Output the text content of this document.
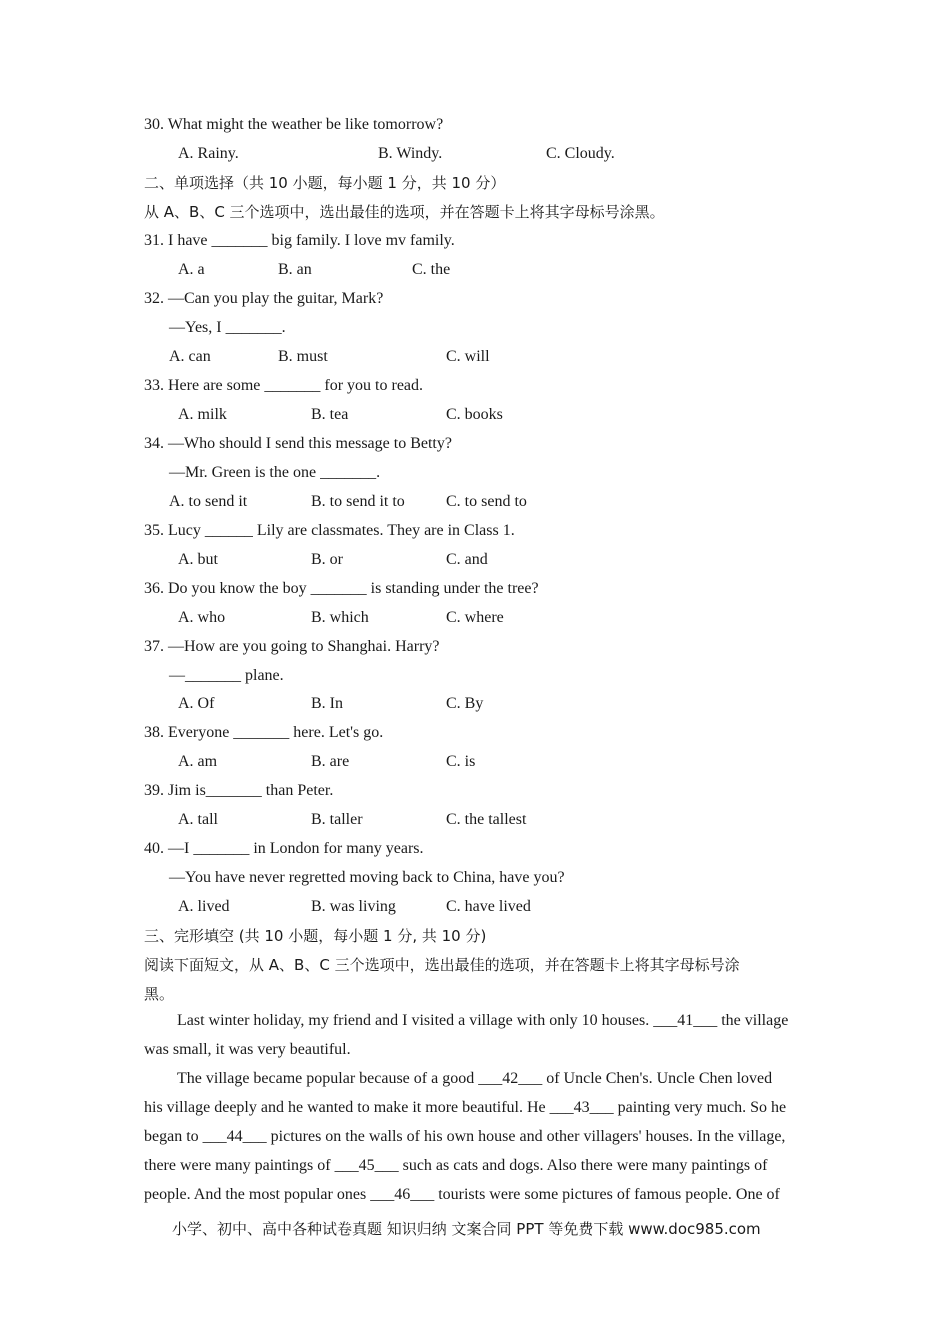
30. What might the weather be like tomorrow?
A. Rainy.	B. Windy.	C. Cloudy.
二、单项选择（共 10 小题，每小题 1 分，共 10 分）
从 A、B、C 三个选项中，选出最佳的选项，并在答题卡上将其字母标号涂黑。
31. I have _______ big family. I love mv family.
A. a	B. an	C. the
32. ―Can you play the guitar, Mark?
—Yes, I _______.
A. can	B. must	C. will
33. Here are some _______ for you to read.
A. milk	B. tea	C. books
34. —Who should I send this message to Betty?
—Mr. Green is the one _______.
A. to send it	B. to send it to	C. to send to
35. Lucy ______ Lily are classmates. They are in Class 1.
A. but	B. or	C. and
36. Do you know the boy _______ is standing under the tree?
A. who	B. which	C. where
37. —How are you going to Shanghai. Harry?
—_______ plane.
A. Of	B. In	C. By
38. Everyone _______ here. Let's go.
A. am	B. are	C. is
39. Jim is_______ than Peter.
A. tall	B. taller	C. the tallest
40. —I _______ in London for many years.
—You have never regretted moving back to China, have you?
A. lived	B. was living	C. have lived
三、完形填空 (共 10 小题，每小题 1 分, 共 10 分)
阅读下面短文，从 A、B、C 三个选项中，选出最佳的选项，并在答题卡上将其字母标号涂
黑。
Last winter holiday, my friend and I visited a village with only 10 houses. ___41___ the village
was small, it was very beautiful.
The village became popular because of a good ___42___ of Uncle Chen's. Uncle Chen loved
his village deeply and he wanted to make it more beautiful. He ___43___ painting very much. So he
began to ___44___ pictures on the walls of his own house and other villagers' houses. In the village,
there were many paintings of ___45___ such as cats and dogs. Also there were many paintings of
people. And the most popular ones ___46___ tourists were some pictures of famous people. One of
小学、初中、高中各种试卷真题 知识归纳 文案合同 PPT 等免费下载 www.doc985.com
